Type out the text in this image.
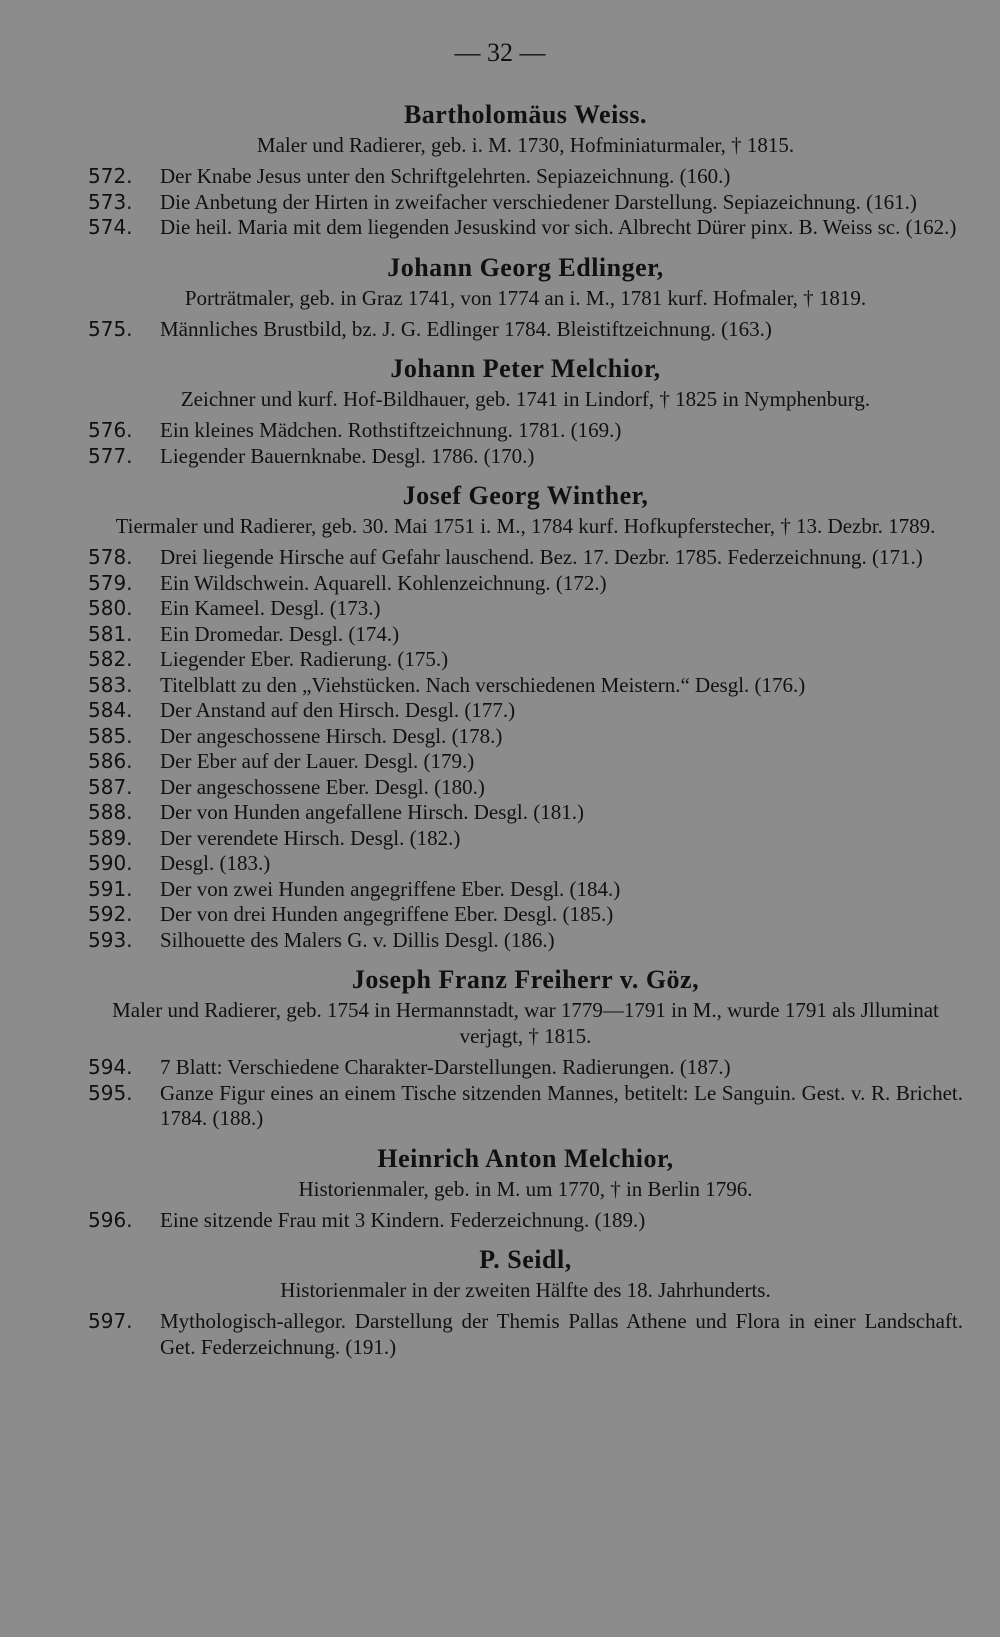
— 32 —
Bartholomäus Weiss.
Maler und Radierer, geb. i. M. 1730, Hofminiaturmaler, † 1815.
572.	Der Knabe Jesus unter den Schriftgelehrten. Sepiazeichnung. (160.)
573.	Die Anbetung der Hirten in zweifacher verschiedener Darstellung. Sepiazeichnung. (161.)
574.	Die heil. Maria mit dem liegenden Jesuskind vor sich. Albrecht Dürer pinx. B. Weiss sc. (162.)
Johann Georg Edlinger,
Porträtmaler, geb. in Graz 1741, von 1774 an i. M., 1781 kurf. Hofmaler, † 1819.
575.	Männliches Brustbild, bz. J. G. Edlinger 1784. Bleistiftzeichnung. (163.)
Johann Peter Melchior,
Zeichner und kurf. Hof-Bildhauer, geb. 1741 in Lindorf, † 1825 in Nymphenburg.
576.	Ein kleines Mädchen. Rothstiftzeichnung. 1781. (169.)
577.	Liegender Bauernknabe. Desgl. 1786. (170.)
Josef Georg Winther,
Tiermaler und Radierer, geb. 30. Mai 1751 i. M., 1784 kurf. Hofkupferstecher, † 13. Dezbr. 1789.
578.	Drei liegende Hirsche auf Gefahr lauschend. Bez. 17. Dezbr. 1785. Federzeichnung. (171.)
579.	Ein Wildschwein. Aquarell. Kohlenzeichnung. (172.)
580.	Ein Kameel. Desgl. (173.)
581.	Ein Dromedar. Desgl. (174.)
582.	Liegender Eber. Radierung. (175.)
583.	Titelblatt zu den „Viehstücken. Nach verschiedenen Meistern.“ Desgl. (176.)
584.	Der Anstand auf den Hirsch. Desgl. (177.)
585.	Der angeschossene Hirsch. Desgl. (178.)
586.	Der Eber auf der Lauer. Desgl. (179.)
587.	Der angeschossene Eber. Desgl. (180.)
588.	Der von Hunden angefallene Hirsch. Desgl. (181.)
589.	Der verendete Hirsch. Desgl. (182.)
590.	Desgl. (183.)
591.	Der von zwei Hunden angegriffene Eber. Desgl. (184.)
592.	Der von drei Hunden angegriffene Eber. Desgl. (185.)
593.	Silhouette des Malers G. v. Dillis Desgl. (186.)
Joseph Franz Freiherr v. Göz,
Maler und Radierer, geb. 1754 in Hermannstadt, war 1779—1791 in M., wurde 1791 als Jlluminat verjagt, † 1815.
594.	7 Blatt: Verschiedene Charakter-Darstellungen. Radierungen. (187.)
595.	Ganze Figur eines an einem Tische sitzenden Mannes, betitelt: Le Sanguin. Gest. v. R. Brichet. 1784. (188.)
Heinrich Anton Melchior,
Historienmaler, geb. in M. um 1770, † in Berlin 1796.
596.	Eine sitzende Frau mit 3 Kindern. Federzeichnung. (189.)
P. Seidl,
Historienmaler in der zweiten Hälfte des 18. Jahrhunderts.
597.	Mythologisch-allegor. Darstellung der Themis Pallas Athene und Flora in einer Landschaft. Get. Federzeichnung. (191.)
